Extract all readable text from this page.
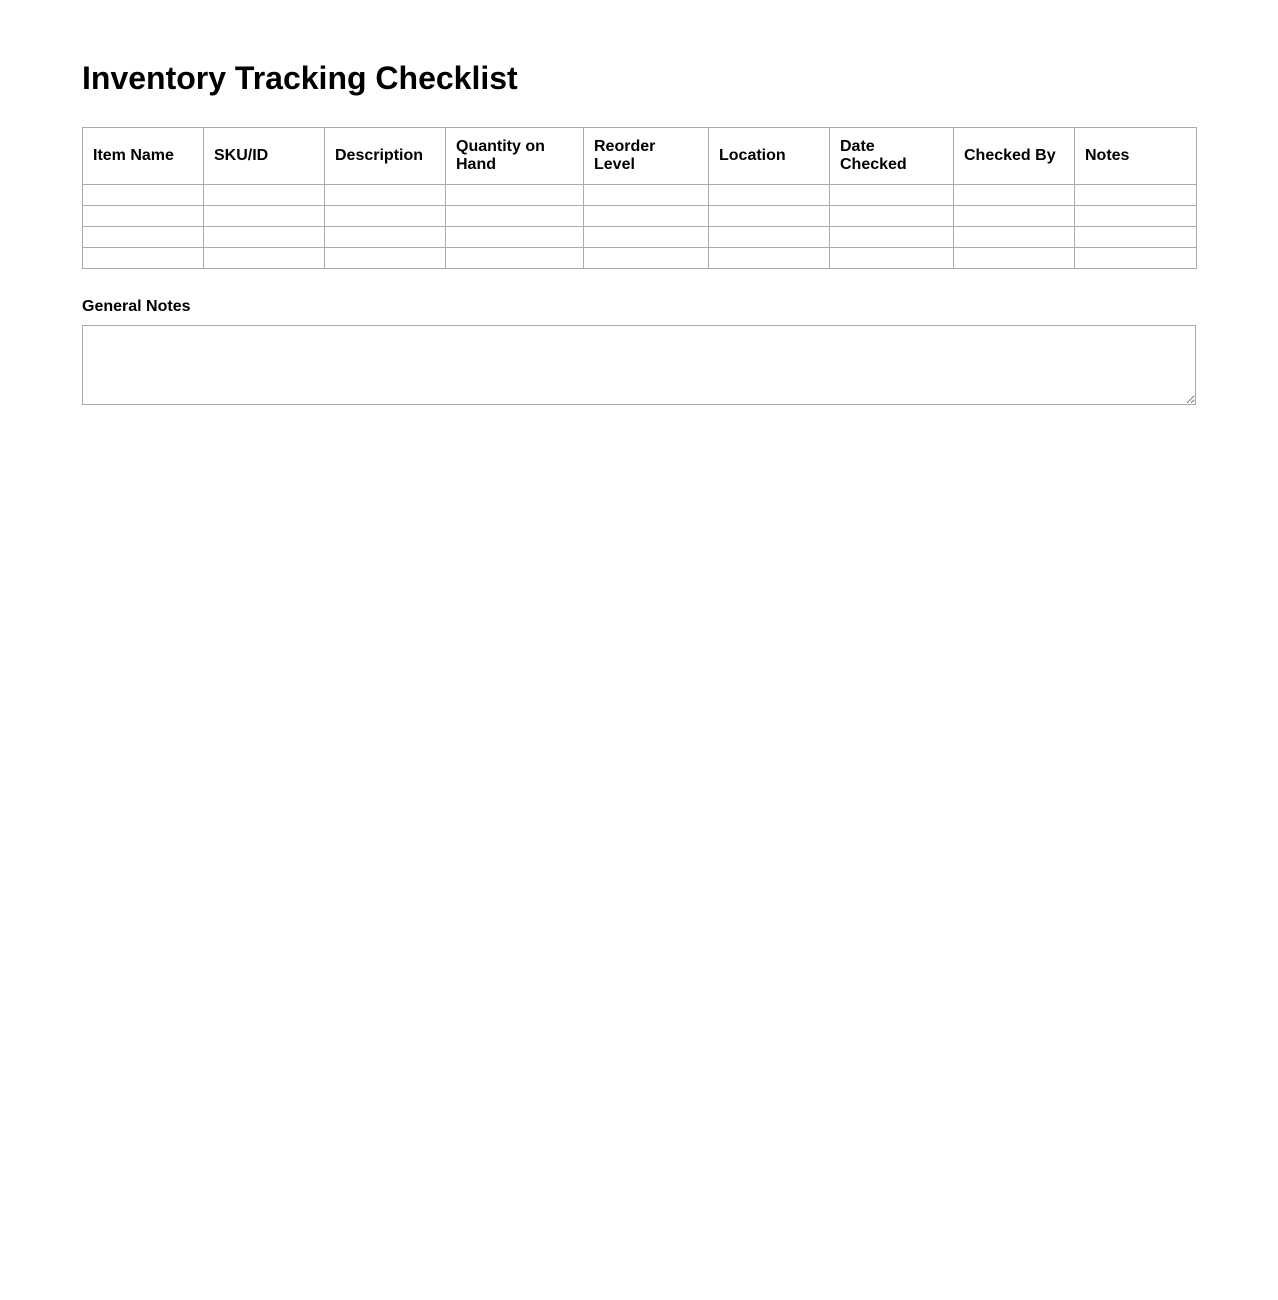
Inventory Tracking Checklist
Item Name	SKU/ID	Description	Quantity on Hand	Reorder Level	Location	Date Checked	Checked By	Notes

General Notes
